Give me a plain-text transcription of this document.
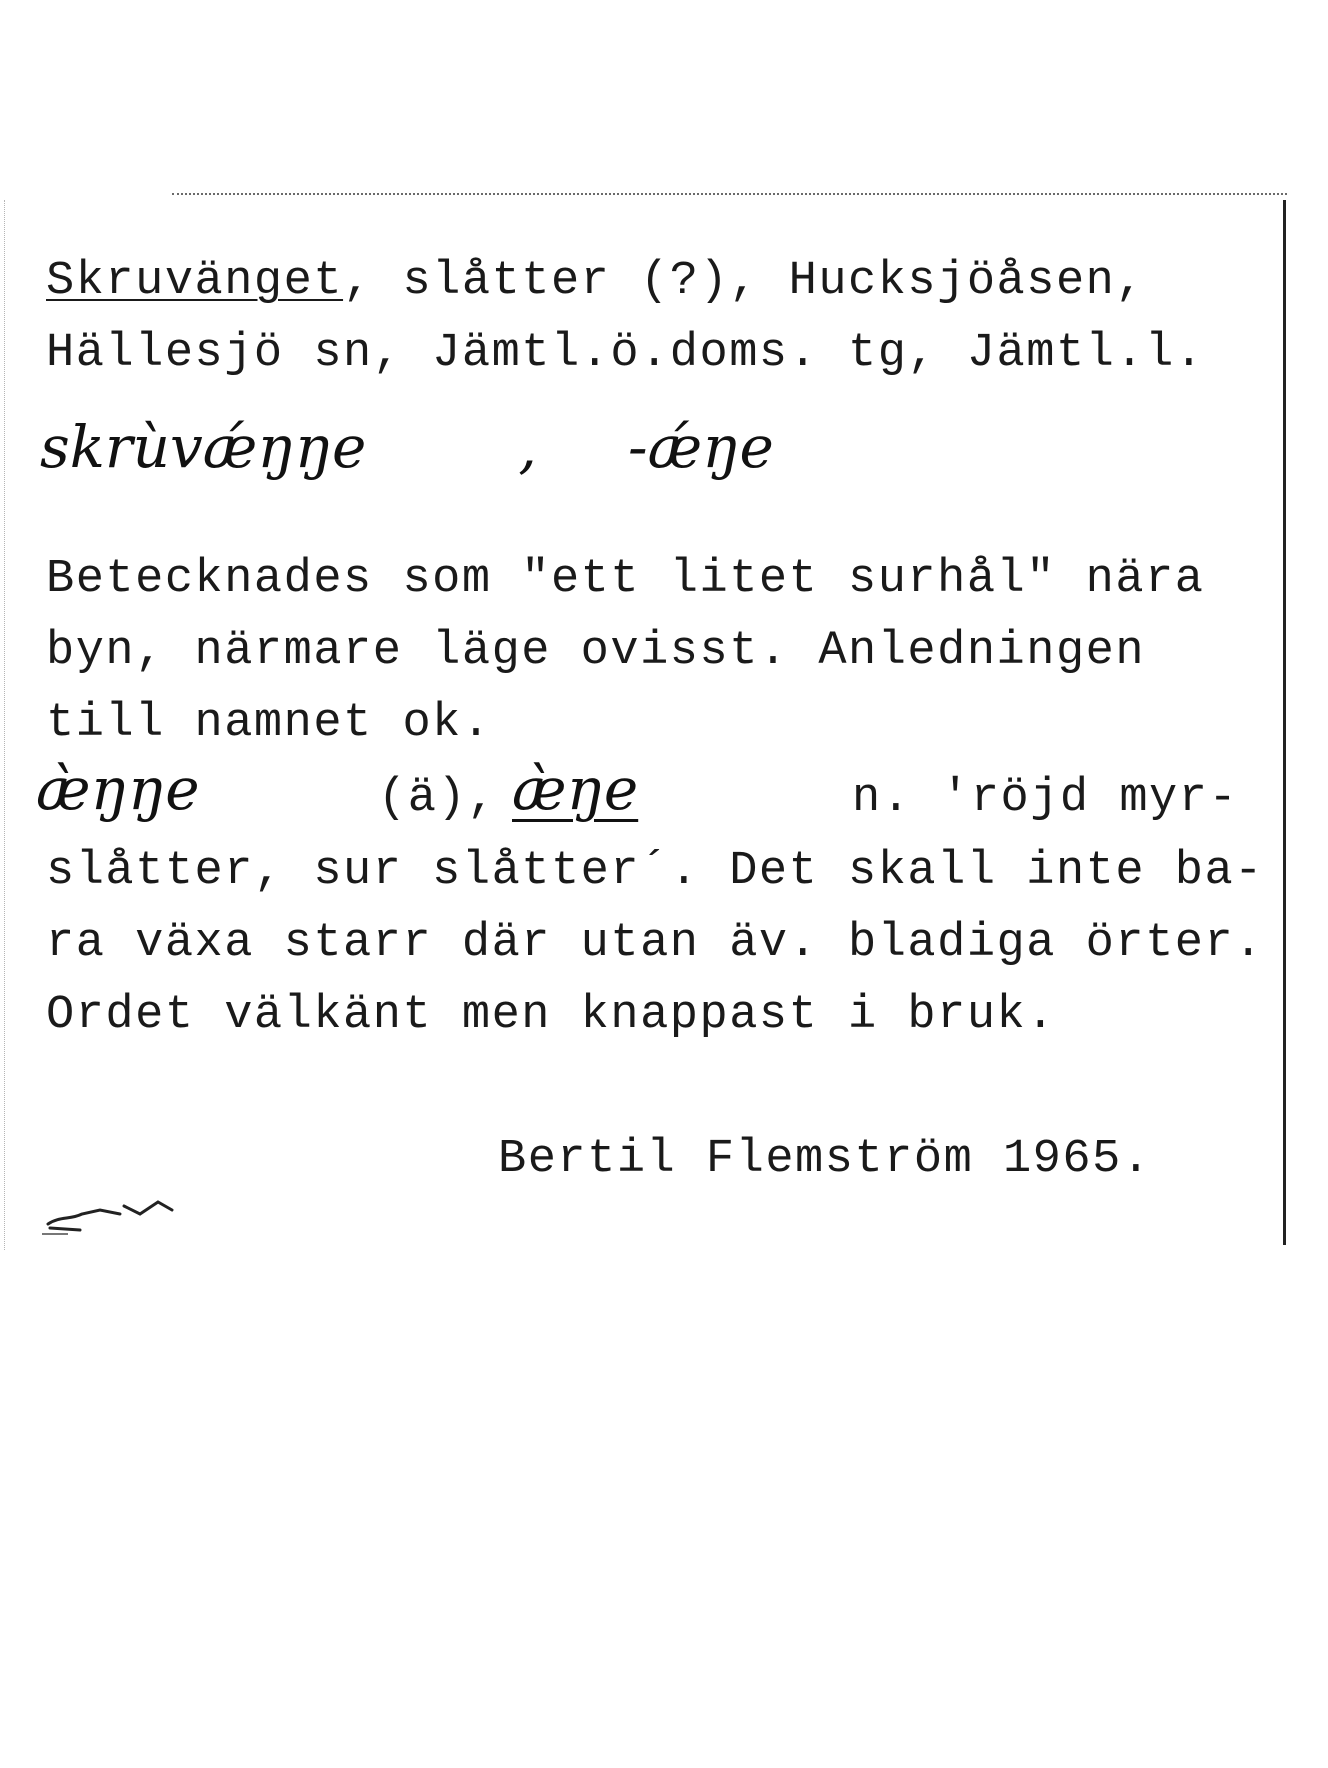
Skruvänget, slåtter (?), Hucksjöåsen,
Hällesjö sn, Jämtl.ö.doms. tg, Jämtl.l.
skrùvǽŋŋe , -ǽŋe
Betecknades som "ett litet surhål" nära
byn, närmare läge ovisst. Anledningen
till namnet ok.
æ̀ŋŋe	(ä), æ̀ŋe	n. ʹröjd myr-
slåtter, sur slåtter´. Det skall inte ba-
ra växa starr där utan äv. bladiga örter.
Ordet välkänt men knappast i bruk.
Bertil Flemström 1965.
